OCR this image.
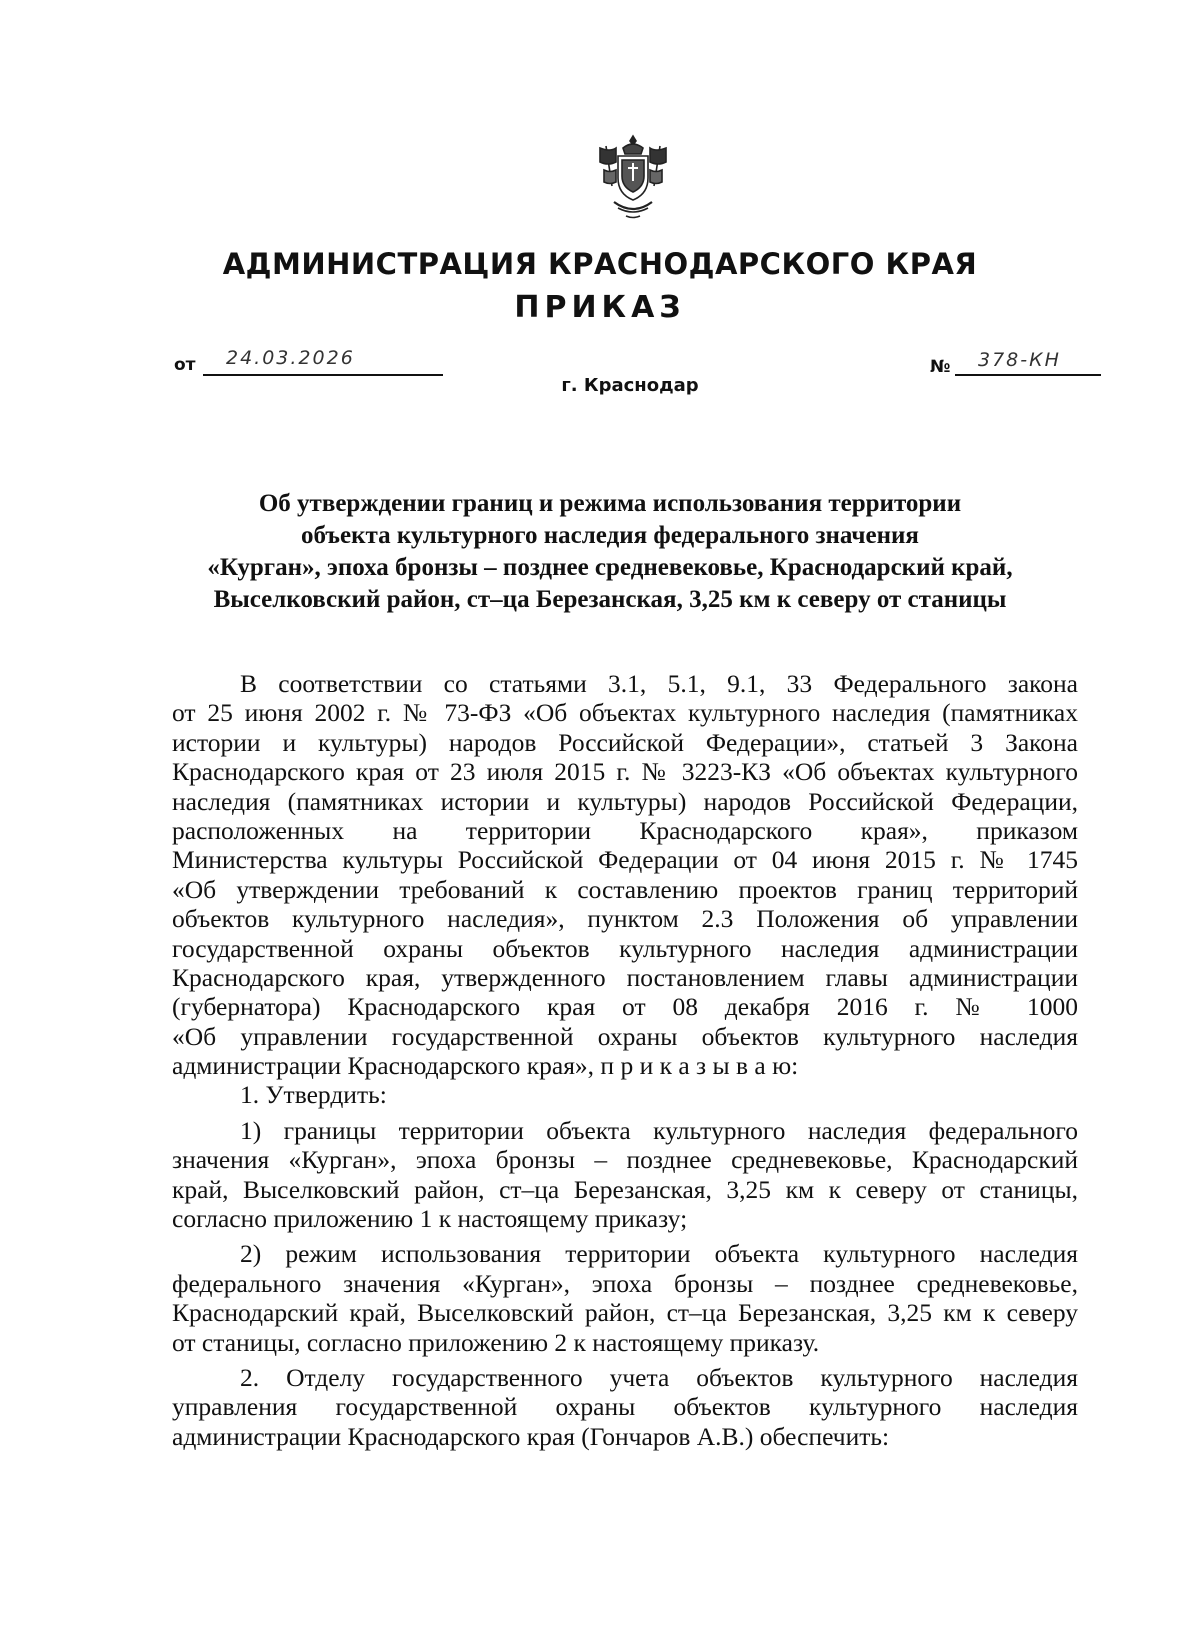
АДМИНИСТРАЦИЯ КРАСНОДАРСКОГО КРАЯ
ПРИКАЗ
от 24.03.2026	№ 378-КН
г. Краснодар
Об утверждении границ и режима использования территории
объекта культурного наследия федерального значения
«Курган», эпоха бронзы – позднее средневековье, Краснодарский край,
Выселковский район, ст–ца Березанская, 3,25 км к северу от станицы
В соответствии со статьями 3.1, 5.1, 9.1, 33 Федерального закона
от 25 июня 2002 г. № 73-ФЗ «Об объектах культурного наследия (памятниках
истории и культуры) народов Российской Федерации», статьей 3 Закона
Краснодарского края от 23 июля 2015 г. № 3223-КЗ «Об объектах культурного
наследия (памятниках истории и культуры) народов Российской Федерации,
расположенных на территории Краснодарского края», приказом
Министерства культуры Российской Федерации от 04 июня 2015 г. № 1745
«Об утверждении требований к составлению проектов границ территорий
объектов культурного наследия», пунктом 2.3 Положения об управлении
государственной охраны объектов культурного наследия администрации
Краснодарского края, утвержденного постановлением главы администрации
(губернатора) Краснодарского края от 08 декабря 2016 г. № 1000
«Об управлении государственной охраны объектов культурного наследия
администрации Краснодарского края», п р и к а з ы в а ю:
1. Утвердить:
1) границы территории объекта культурного наследия федерального
значения «Курган», эпоха бронзы – позднее средневековье, Краснодарский
край, Выселковский район, ст–ца Березанская, 3,25 км к северу от станицы,
согласно приложению 1 к настоящему приказу;
2) режим использования территории объекта культурного наследия
федерального значения «Курган», эпоха бронзы – позднее средневековье,
Краснодарский край, Выселковский район, ст–ца Березанская, 3,25 км к северу
от станицы, согласно приложению 2 к настоящему приказу.
2. Отделу государственного учета объектов культурного наследия
управления государственной охраны объектов культурного наследия
администрации Краснодарского края (Гончаров А.В.) обеспечить:
